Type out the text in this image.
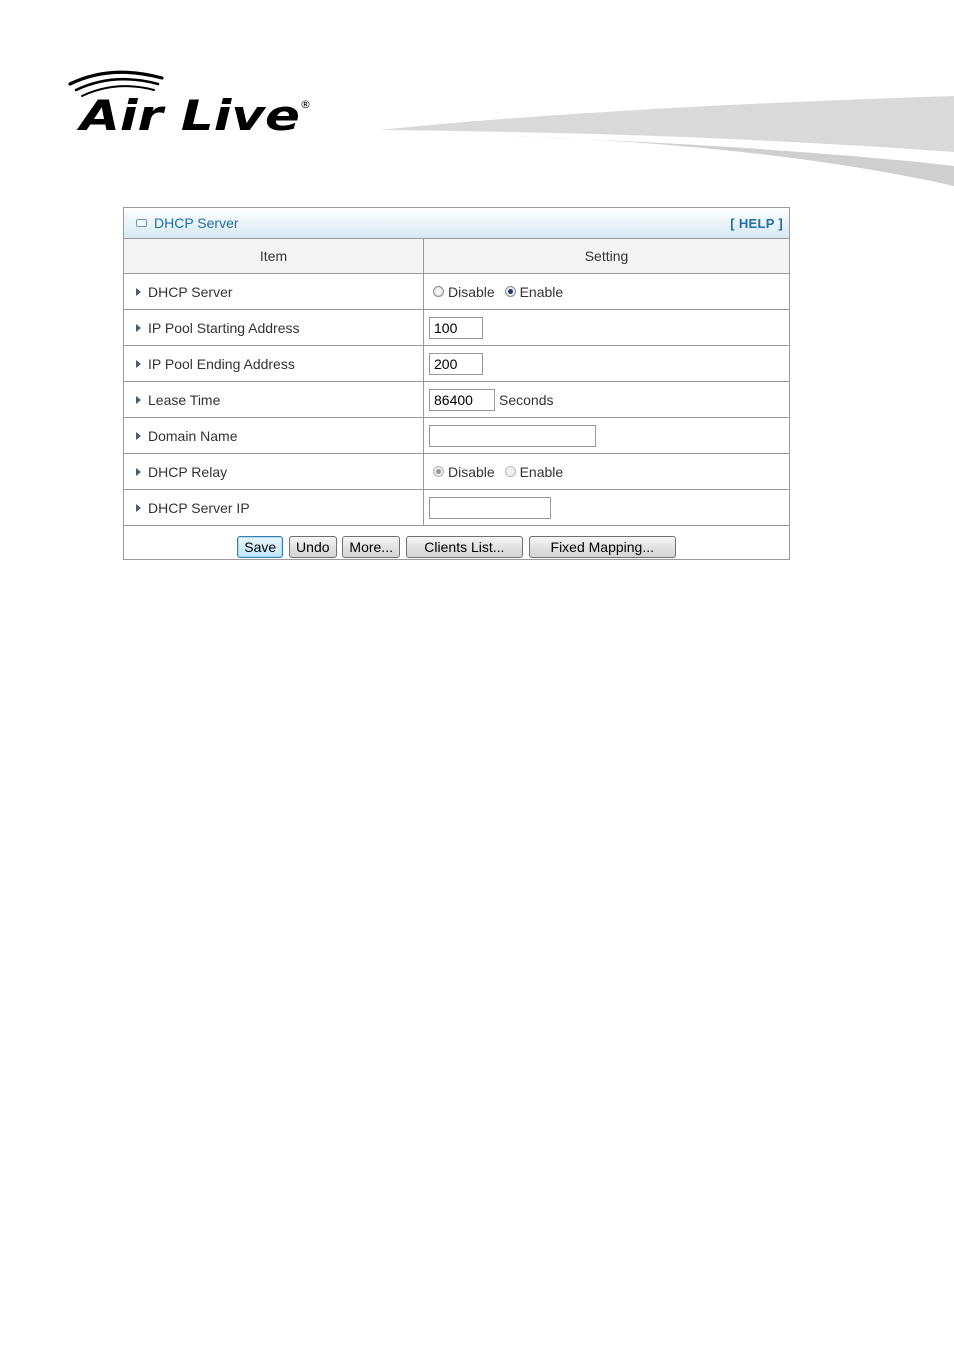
Air Live ®
DHCP Server	[ HELP ]
Item	Setting
DHCP Server	Disable Enable
IP Pool Starting Address	100
IP Pool Ending Address	200
Lease Time	86400 Seconds
Domain Name	
DHCP Relay	Disable Enable
DHCP Server IP	
Save Undo More... Clients List... Fixed Mapping...	
